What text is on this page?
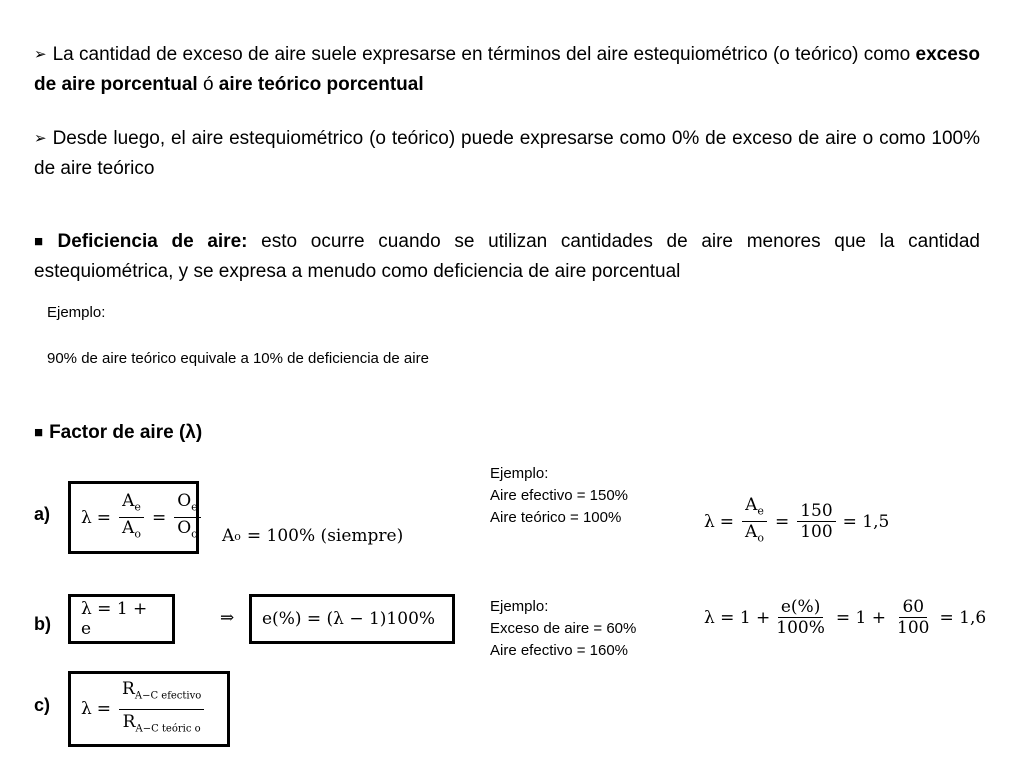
➢ La cantidad de exceso de aire suele expresarse en términos del aire estequiométrico (o teórico) como exceso de aire porcentual ó aire teórico porcentual
➢ Desde luego, el aire estequiométrico (o teórico) puede expresarse como 0% de exceso de aire o como 100% de aire teórico
■ Deficiencia de aire: esto ocurre cuando se utilizan cantidades de aire menores que la cantidad estequiométrica, y se expresa a menudo como deficiencia de aire porcentual
Ejemplo:
90% de aire teórico equivale a 10% de deficiencia de aire
■ Factor de aire (λ)
a)
b)
c)
$\lambda = \frac{A_e}{A_o} = \frac{O_e}{O_o}$ A o = 100% (siempre)
λ = 1 + e
⇒ e(%) = (λ − 1)100%
$\lambda = \frac{R_{A-C efectivo}}{R_{A-C teóric o}}$
Ejemplo:
Aire efectivo = 150%
Aire teórico = 100%	$\lambda = \frac{A_e}{A_o} = \frac{150}{100} = 1,5$
Ejemplo:
Exceso de aire = 60%
Aire efectivo = 160%
$\lambda = 1 + \frac{e(\%)}{100\%} = 1 + \frac{60}{100} = 1,6$
